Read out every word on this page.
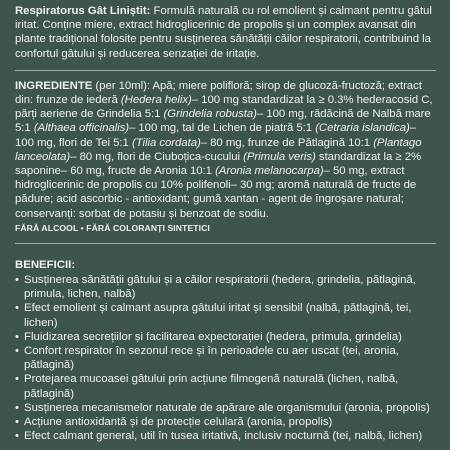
Respiratorus Gât Liniștit: Formulă naturală cu rol emolient și calmant pentru gâtul iritat. Conține miere, extract hidroglicerinic de propolis și un complex avansat din plante tradițional folosite pentru susținerea sănătății căilor respiratorii, contribuind la confortul gâtului și reducerea senzației de iritație.

INGREDIENTE (per 10ml): Apă; miere polifloră; sirop de glucoză-fructoză; extract din: frunze de iederă (Hedera helix)– 100 mg standardizat la ≥ 0.3% hederacosid C, părți aeriene de Grindelia 5:1 (Grindelia robusta)– 100 mg, rădăcină de Nalbă mare 5:1 (Althaea officinalis)– 100 mg, tal de Lichen de piatră 5:1 (Cetraria islandica)– 100 mg, flori de Tei 5:1 (Tilia cordata)– 80 mg, frunze de Pătlagină 10:1 (Plantago lanceolata)– 80 mg, flori de Ciuboțica-cucului (Primula veris) standardizat la ≥ 2% saponine– 60 mg, fructe de Aronia 10:1 (Aronia melanocarpa)– 50 mg, extract hidroglicerinic de propolis cu 10% polifenoli– 30 mg; aromă naturală de fructe de pădure; acid ascorbic - antioxidant; gumă xantan - agent de îngroșare natural; conservanți: sorbat de potasiu și benzoat de sodiu.

FĂRĂ ALCOOL • FĂRĂ COLORANȚI SINTETICI
BENEFICII:
• Susținerea sănătății gâtului și a căilor respiratorii (hedera, grindelia, pătlagină, primula, lichen, nalbă)
• Efect emolient și calmant asupra gâtului iritat și sensibil (nalbă, pătlagină, tei, lichen)
• Fluidizarea secrețiilor și facilitarea expectorației (hedera, primula, grindelia)
• Confort respirator în sezonul rece și în perioadele cu aer uscat (tei, aronia, pătlagină)
• Protejarea mucoasei gâtului prin acțiune filmogenă naturală (lichen, nalbă, pătlagină)
• Susținerea mecanismelor naturale de apărare ale organismului (aronia, propolis)
• Acțiune antioxidantă și de protecție celulară (aronia, propolis)
• Efect calmant general, util în tusea iritativă, inclusiv nocturnă (tei, nalbă, lichen)
